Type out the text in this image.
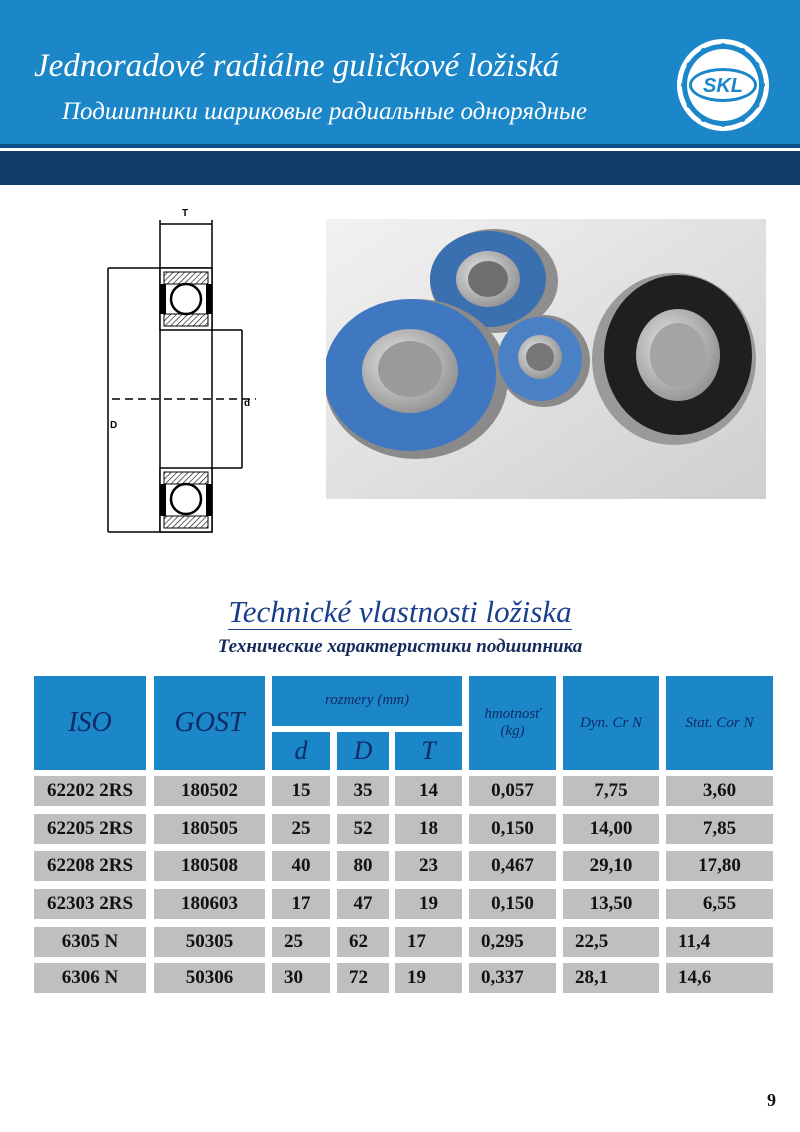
Jednoradové radiálne guličkové ložiská
Подшипники шариковые радиальные однорядные
SKL
T
D
d
Technické vlastnosti ložiska
Технические характеристики подшипника
ISO	GOST
rozmery (mm)
d	D	T
hmotnosť
(kg)
Dyn. Cr N	Stat. Cor N
62202 2RS	180502	15	35	14	0,057	7,75	3,60
62205 2RS	180505	25	52	18	0,150	14,00	7,85
62208 2RS	180508	40	80	23	0,467	29,10	17,80
62303 2RS	180603	17	47	19	0,150	13,50	6,55
6305 N	50305	25	62	17	0,295	22,5	11,4
6306 N	50306	30	72	19	0,337	28,1	14,6
9
